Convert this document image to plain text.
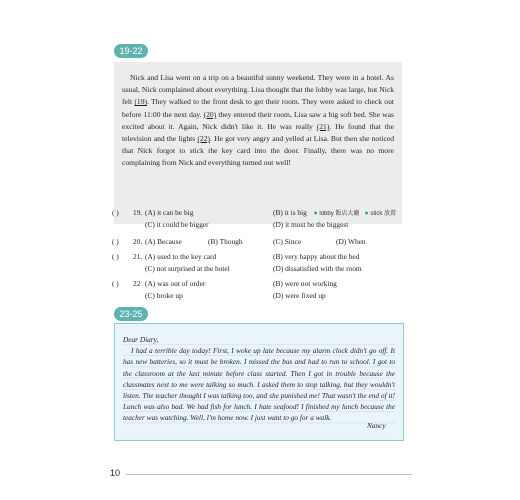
19-22

Nick and Lisa went on a trip on a beautiful sunny weekend. They were in a hotel. As usual, Nick complained about everything. Lisa thought that the lobby was large, but Nick felt (19). They walked to the front desk to get their room. They were asked to check out before 11:00 the next day. (20) they entered their room, Lisa saw a big soft bed. She was excited about it. Again, Nick didn't like it. He was really (21). He found that the television and the lights (22). He got very angry and yelled at Lisa. But then she noticed that Nick forgot to stick the key card into the door. Finally, there was no more complaining from Nick and everything turned out well!

● lobby 飯店大廳 ● stick 放置
( ) 19. (A) it can be big	(B) it is big
(C) it could be bigger	(D) it must be the biggest
( ) 20. (A) Because	(B) Though	(C) Since	(D) When
( ) 21. (A) used to the key card	(B) very happy about the bed
(C) not surprised at the hotel	(D) dissatisfied with the room
( ) 22 (A) was out of order	(B) were not working
(C) broke up	(D) were fixed up
23-25

Dear Diary,

I had a terrible day today! First, I woke up late because my alarm clock didn't go off. It has new batteries, so it must be broken. I missed the bus and had to run to school. I got to the classroom at the last minute before class started. Then I got in trouble because the classmates next to me were talking so much. I asked them to stop talking, but they wouldn't listen. The teacher thought I was talking too, and she punished me! That wasn't the end of it! Lunch was also bad. We had fish for lunch. I hate seafood! I finished my lunch because the teacher was watching. Well, I'm home now. I just want to go for a walk.

Nancy
10
